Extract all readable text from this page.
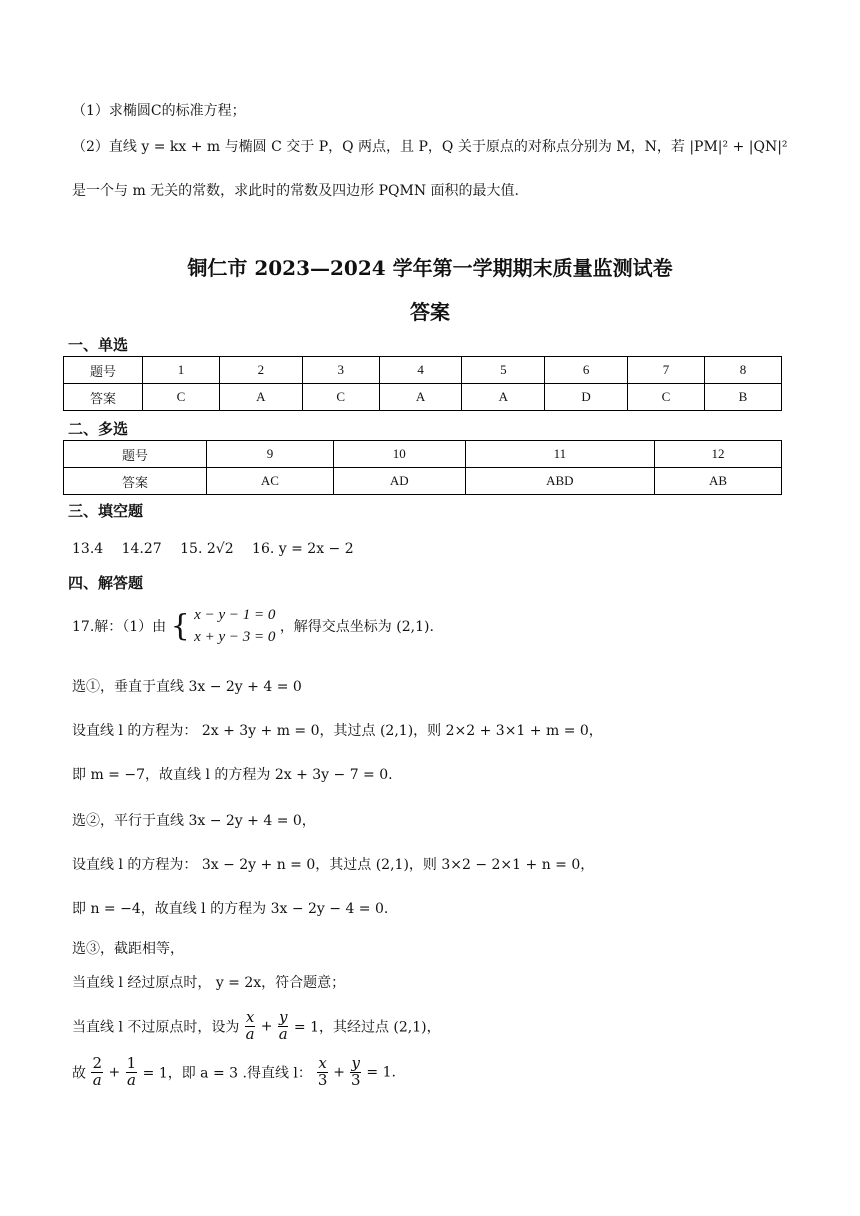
（1）求椭圆C的标准方程；
（2）直线 y = kx + m 与椭圆 C 交于 P，Q 两点，且 P，Q 关于原点的对称点分别为 M，N，若 |PM|² + |QN|²
是一个与 m 无关的常数，求此时的常数及四边形 PQMN 面积的最大值.
铜仁市 2023—2024 学年第一学期期末质量监测试卷
答案
一、单选
题号	1	2	3	4	5	6	7	8
答案	C	A	C	A	A	D	C	B
二、多选
题号	9	10	11	12
答案	AC	AD	ABD	AB
三、填空题
13.4　 14.27　 15. 2√2　 16. y = 2x − 2
四、解答题
17.解：（1）由 { x − y − 1 = 0
x + y − 3 = 0
，解得交点坐标为 (2,1).
选①，垂直于直线 3x − 2y + 4 = 0
设直线 l 的方程为： 2x + 3y + m = 0，其过点 (2,1)，则 2×2 + 3×1 + m = 0，
即 m = −7，故直线 l 的方程为 2x + 3y − 7 = 0.
选②，平行于直线 3x − 2y + 4 = 0，
设直线 l 的方程为： 3x − 2y + n = 0，其过点 (2,1)，则 3×2 − 2×1 + n = 0，
即 n = −4，故直线 l 的方程为 3x − 2y − 4 = 0.
选③，截距相等，
当直线 l 经过原点时， y = 2x，符合题意；
当直线 l 不过原点时，设为 $\frac{x}{a} + \frac{y}{a} = 1$，其经过点 (2,1)，
故 $\frac{2}{a} + \frac{1}{a} = 1$，即 a = 3 .得直线 l： $\frac{x}{3} + \frac{y}{3} = 1$.
